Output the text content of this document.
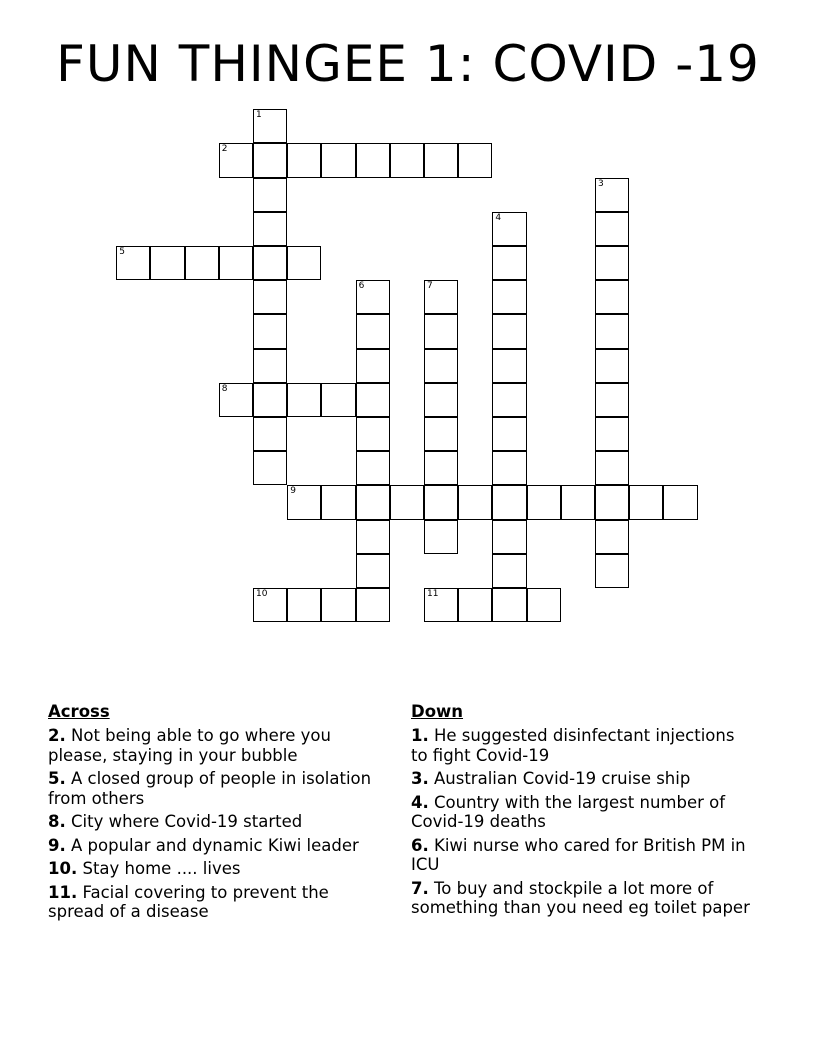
FUN THINGEE 1: COVID -19
1
2
3
4
5
6	7
8
9
10	11
Across
2. Not being able to go where you please, staying in your bubble
5. A closed group of people in isolation from others
8. City where Covid-19 started
9. A popular and dynamic Kiwi leader
10. Stay home .... lives
11. Facial covering to prevent the spread of a disease
Down
1. He suggested disinfectant injections to fight Covid-19
3. Australian Covid-19 cruise ship
4. Country with the largest number of Covid-19 deaths
6. Kiwi nurse who cared for British PM in ICU
7. To buy and stockpile a lot more of something than you need eg toilet paper
